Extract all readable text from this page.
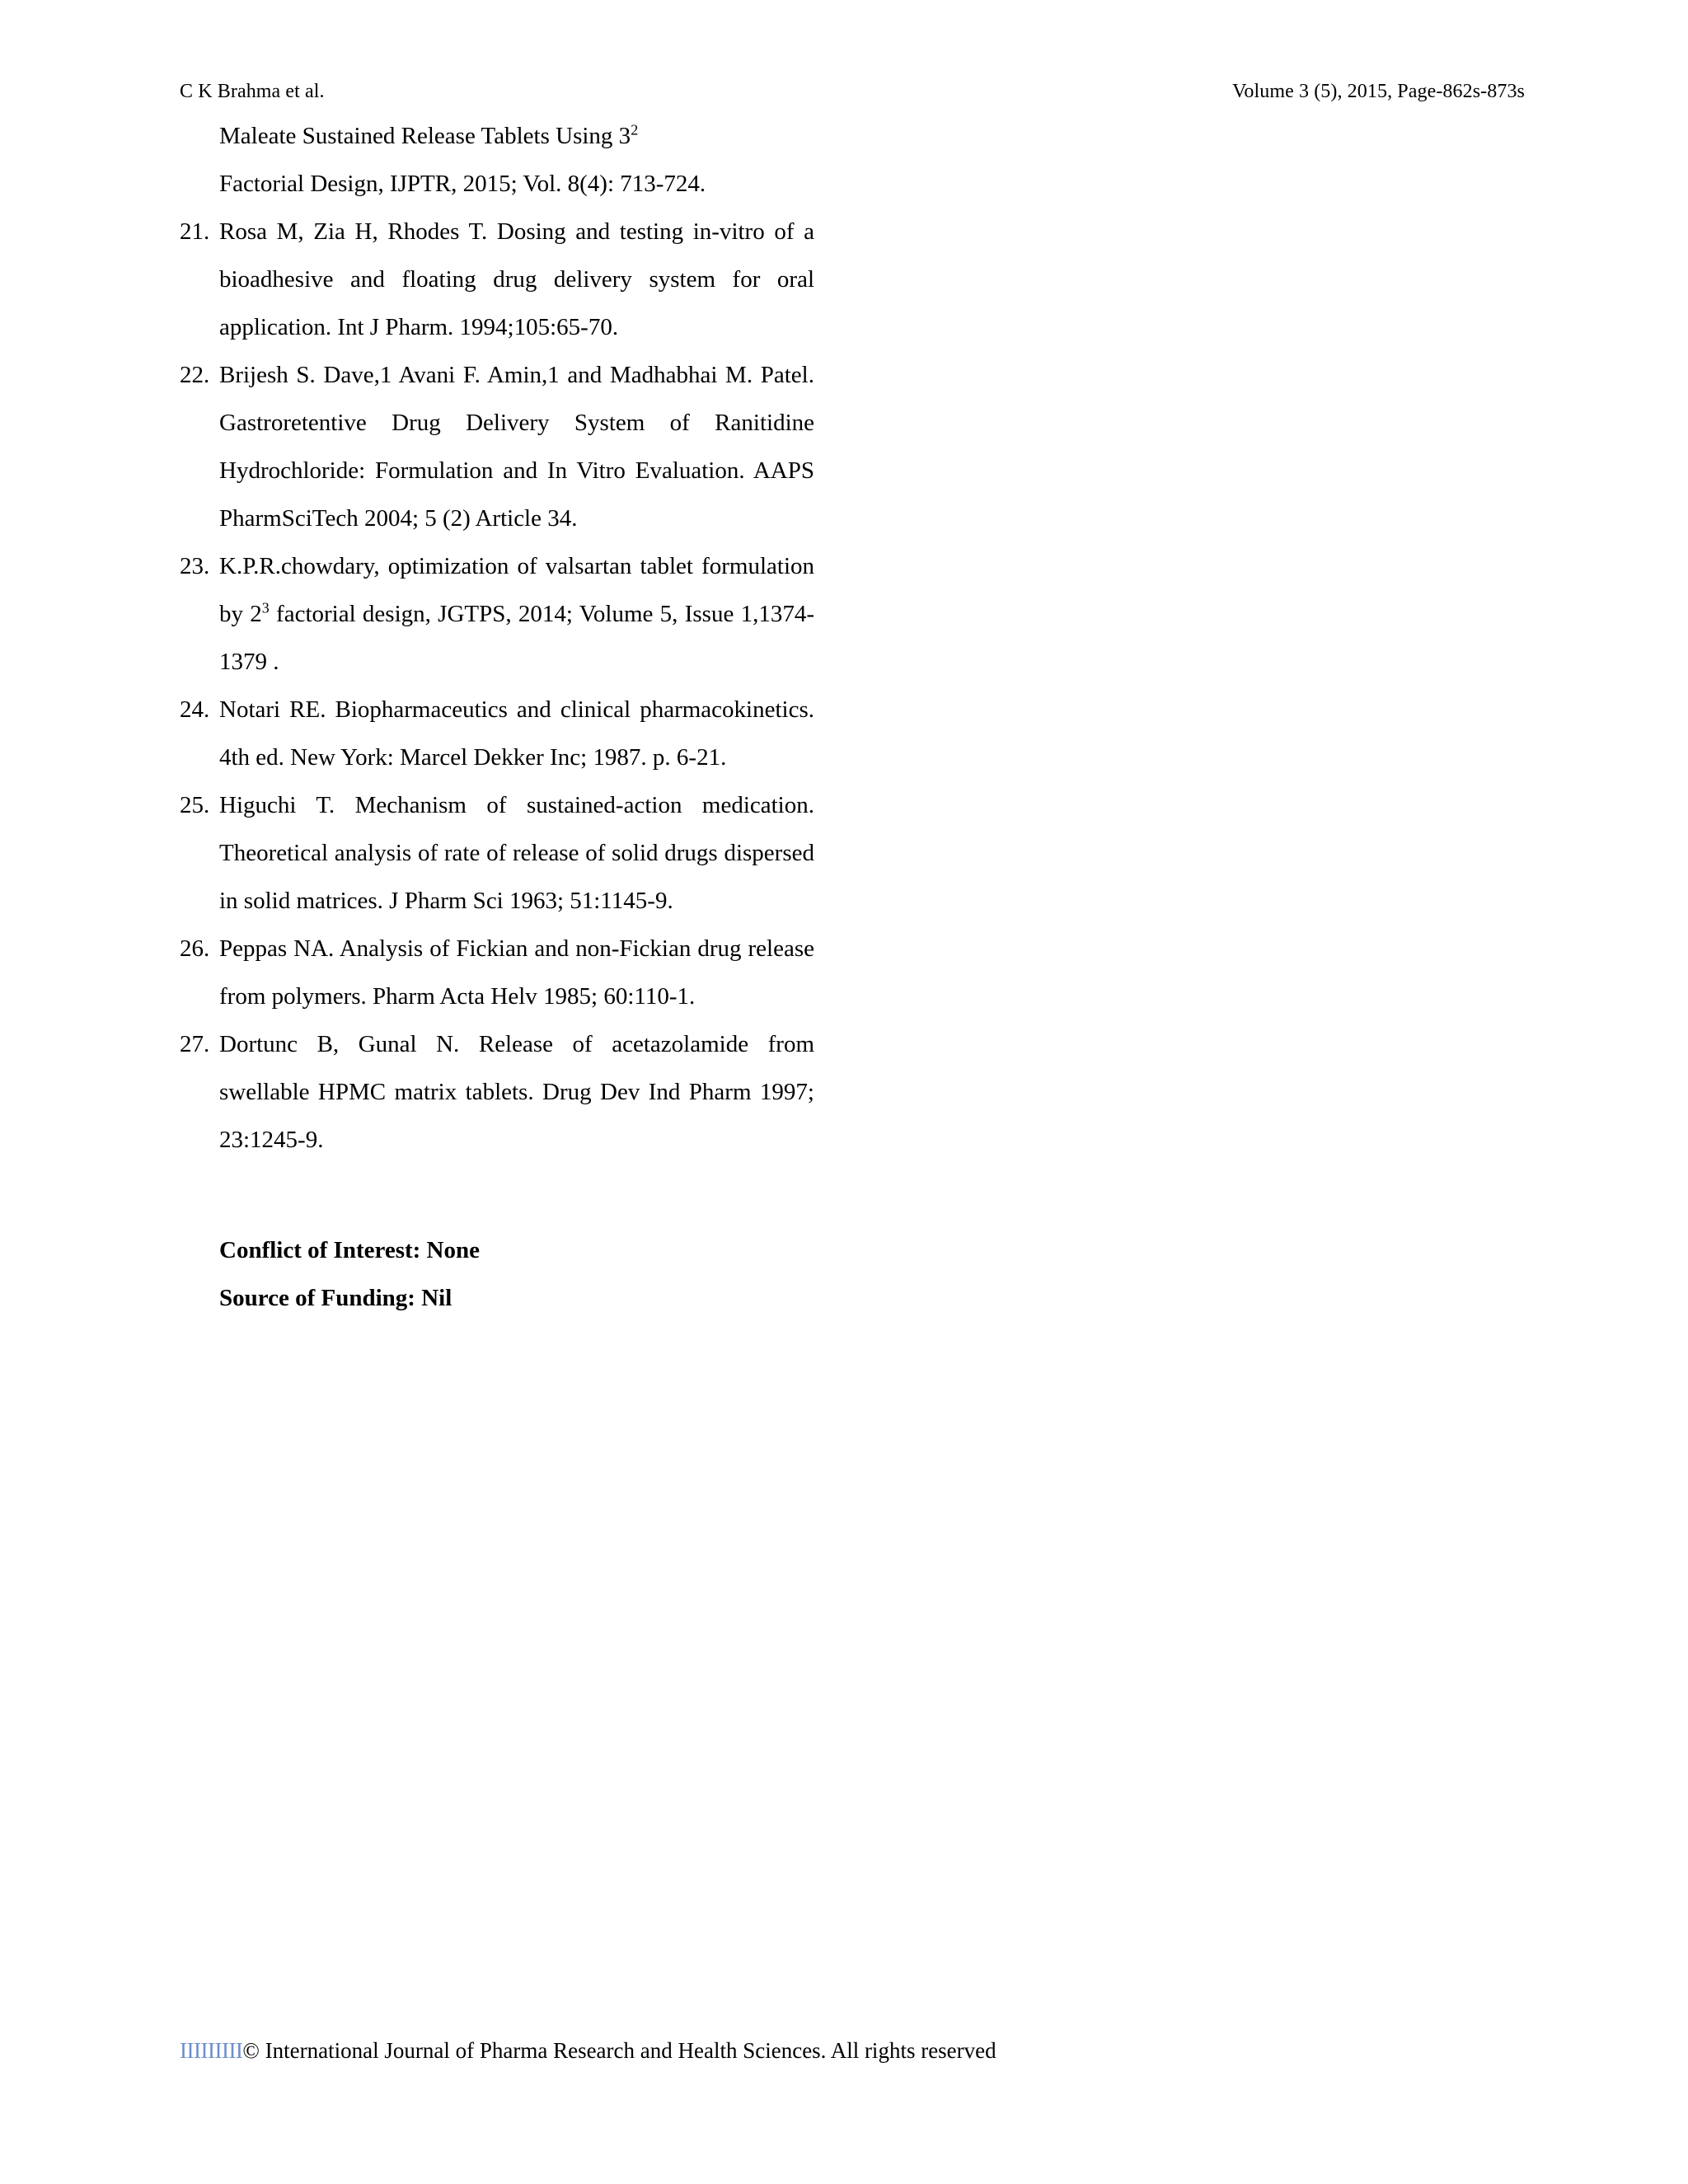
C K Brahma et al.	Volume 3 (5), 2015, Page-862s-873s

Maleate Sustained Release Tablets Using $3^2$

Factorial Design, IJPTR, 2015; Vol. 8(4): 713-724.

21. Rosa M, Zia H, Rhodes T. Dosing and testing in-vitro of a bioadhesive and floating drug delivery system for oral application. Int J Pharm. 1994;105:65-70.
22. Brijesh S. Dave,1 Avani F. Amin,1 and Madhabhai M. Patel. Gastroretentive Drug Delivery System of Ranitidine Hydrochloride: Formulation and In Vitro Evaluation. AAPS PharmSciTech 2004; 5 (2) Article 34.
23. K.P.R.chowdary, optimization of valsartan tablet formulation by $2^3$ factorial design, JGTPS, 2014; Volume 5, Issue 1,1374-1379 .
24. Notari RE. Biopharmaceutics and clinical pharmacokinetics. 4th ed. New York: Marcel Dekker Inc; 1987. p. 6-21.
25. Higuchi T. Mechanism of sustained-action medication. Theoretical analysis of rate of release of solid drugs dispersed in solid matrices. J Pharm Sci 1963; 51:1145-9.
26. Peppas NA. Analysis of Fickian and non-Fickian drug release from polymers. Pharm Acta Helv 1985; 60:110-1.
27. Dortunc B, Gunal N. Release of acetazolamide from swellable HPMC matrix tablets. Drug Dev Ind Pharm 1997; 23:1245-9.
Conflict of Interest: None
Source of Funding: Nil
IIIIIIIII© International Journal of Pharma Research and Health Sciences. All rights reserved
